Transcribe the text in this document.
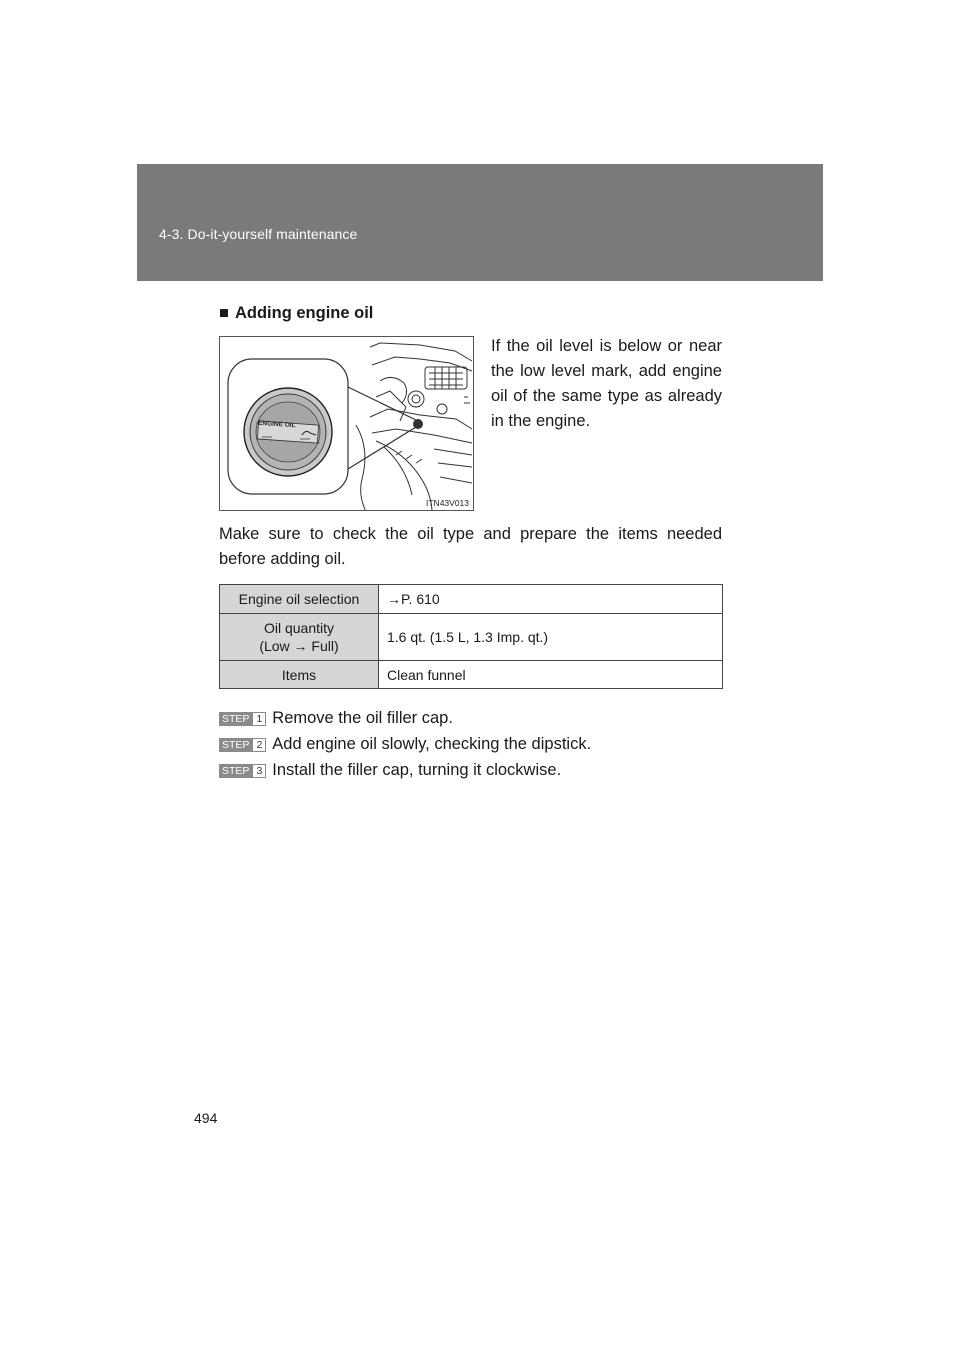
4-3. Do-it-yourself maintenance
■ Adding engine oil
ENGINE OIL
ITN43V013
If the oil level is below or near the low level mark, add engine oil of the same type as already in the engine.
Make sure to check the oil type and prepare the items needed before adding oil.
Engine oil selection	→P. 610
Oil quantity
(Low → Full)	1.6 qt. (1.5 L, 1.3 Imp. qt.)
Items	Clean funnel
STEP 1 Remove the oil filler cap.
STEP 2 Add engine oil slowly, checking the dipstick.
STEP 3 Install the filler cap, turning it clockwise.
494
